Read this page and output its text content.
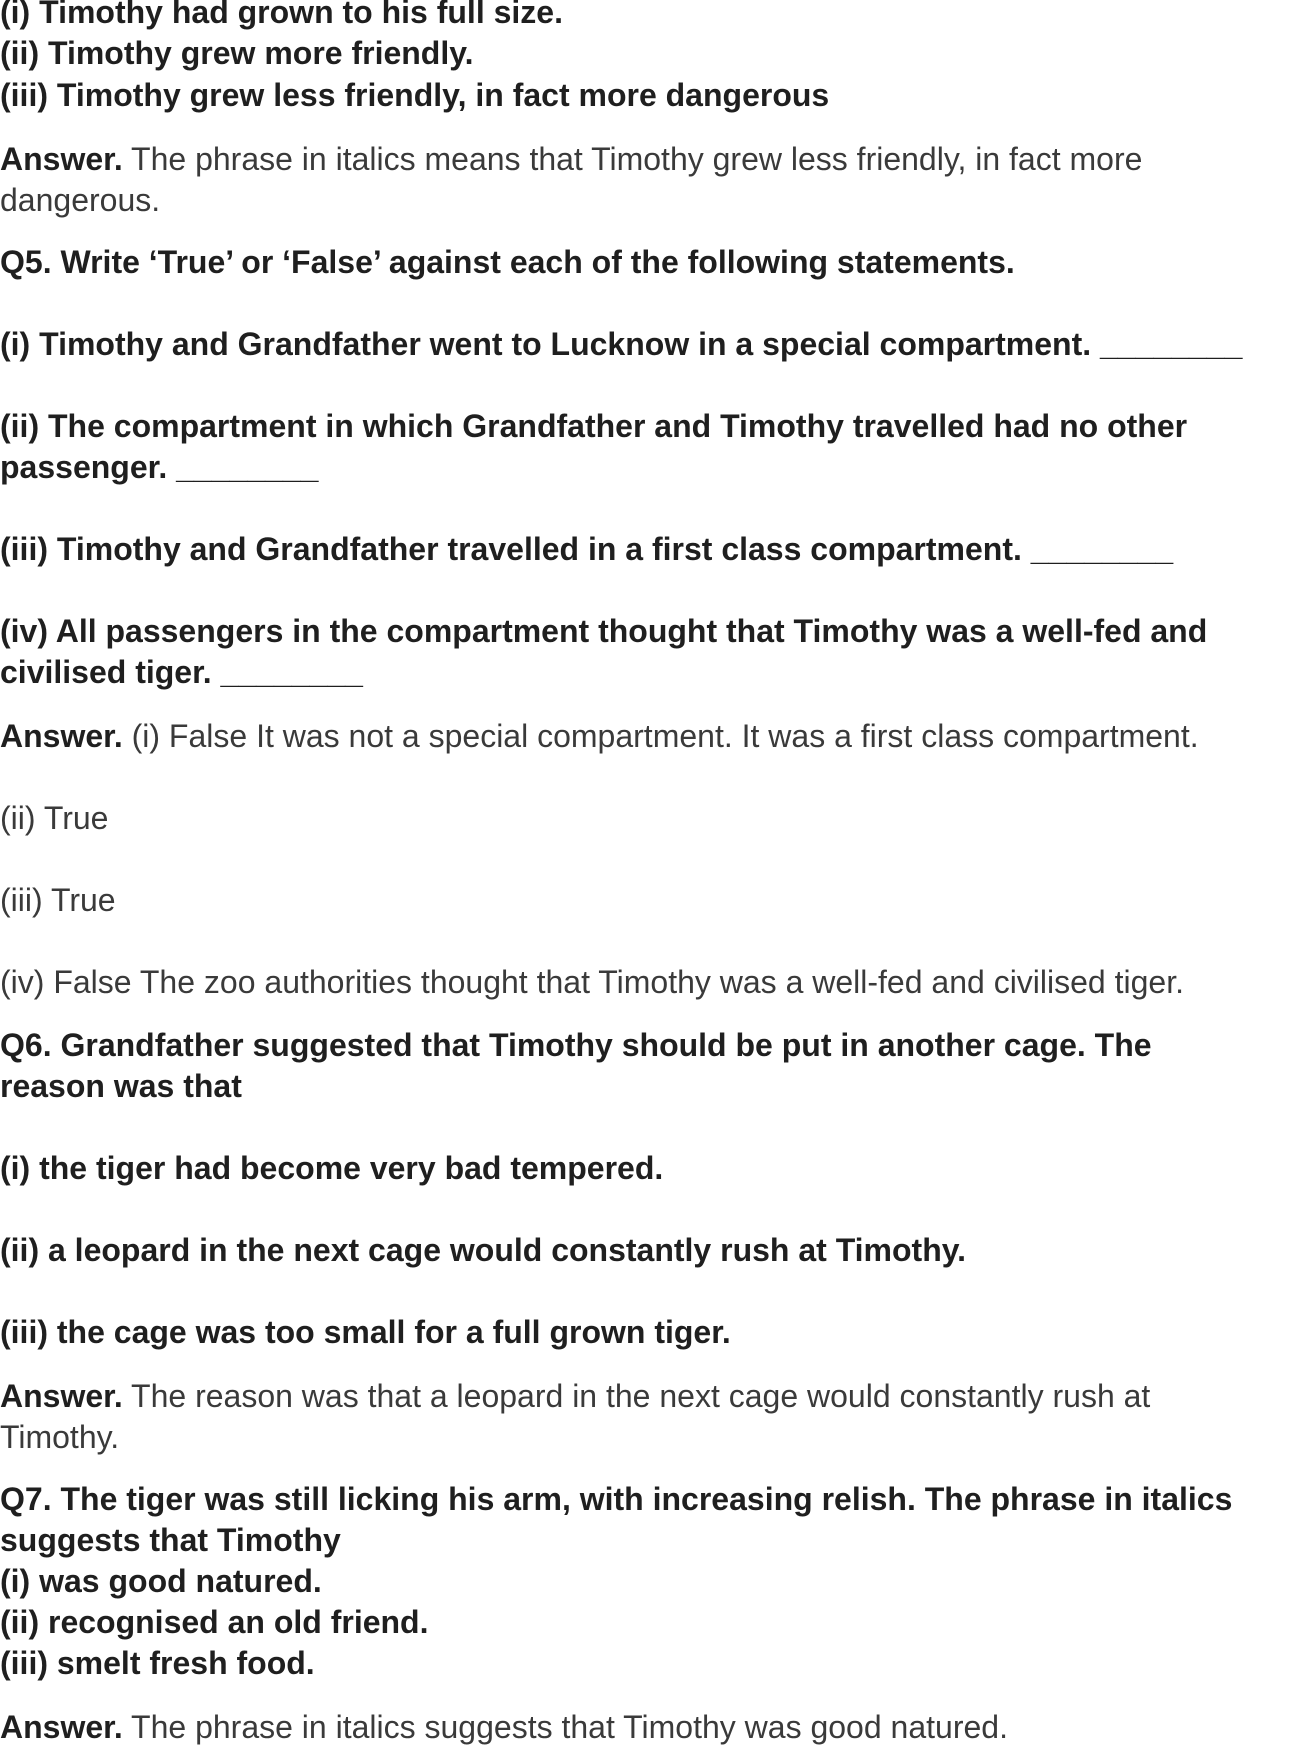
(i) Timothy had grown to his full size.
(ii) Timothy grew more friendly.
(iii) Timothy grew less friendly, in fact more dangerous
Answer. The phrase in italics means that Timothy grew less friendly, in fact more
dangerous.
Q5. Write ‘True’ or ‘False’ against each of the following statements.
(i) Timothy and Grandfather went to Lucknow in a special compartment. ________
(ii) The compartment in which Grandfather and Timothy travelled had no other
passenger. ________
(iii) Timothy and Grandfather travelled in a first class compartment. ________
(iv) All passengers in the compartment thought that Timothy was a well-fed and
civilised tiger. ________
Answer. (i) False It was not a special compartment. It was a first class compartment.
(ii) True
(iii) True
(iv) False The zoo authorities thought that Timothy was a well-fed and civilised tiger.
Q6. Grandfather suggested that Timothy should be put in another cage. The
reason was that
(i) the tiger had become very bad tempered.
(ii) a leopard in the next cage would constantly rush at Timothy.
(iii) the cage was too small for a full grown tiger.
Answer. The reason was that a leopard in the next cage would constantly rush at
Timothy.
Q7. The tiger was still licking his arm, with increasing relish. The phrase in italics
suggests that Timothy
(i) was good natured.
(ii) recognised an old friend.
(iii) smelt fresh food.
Answer. The phrase in italics suggests that Timothy was good natured.
